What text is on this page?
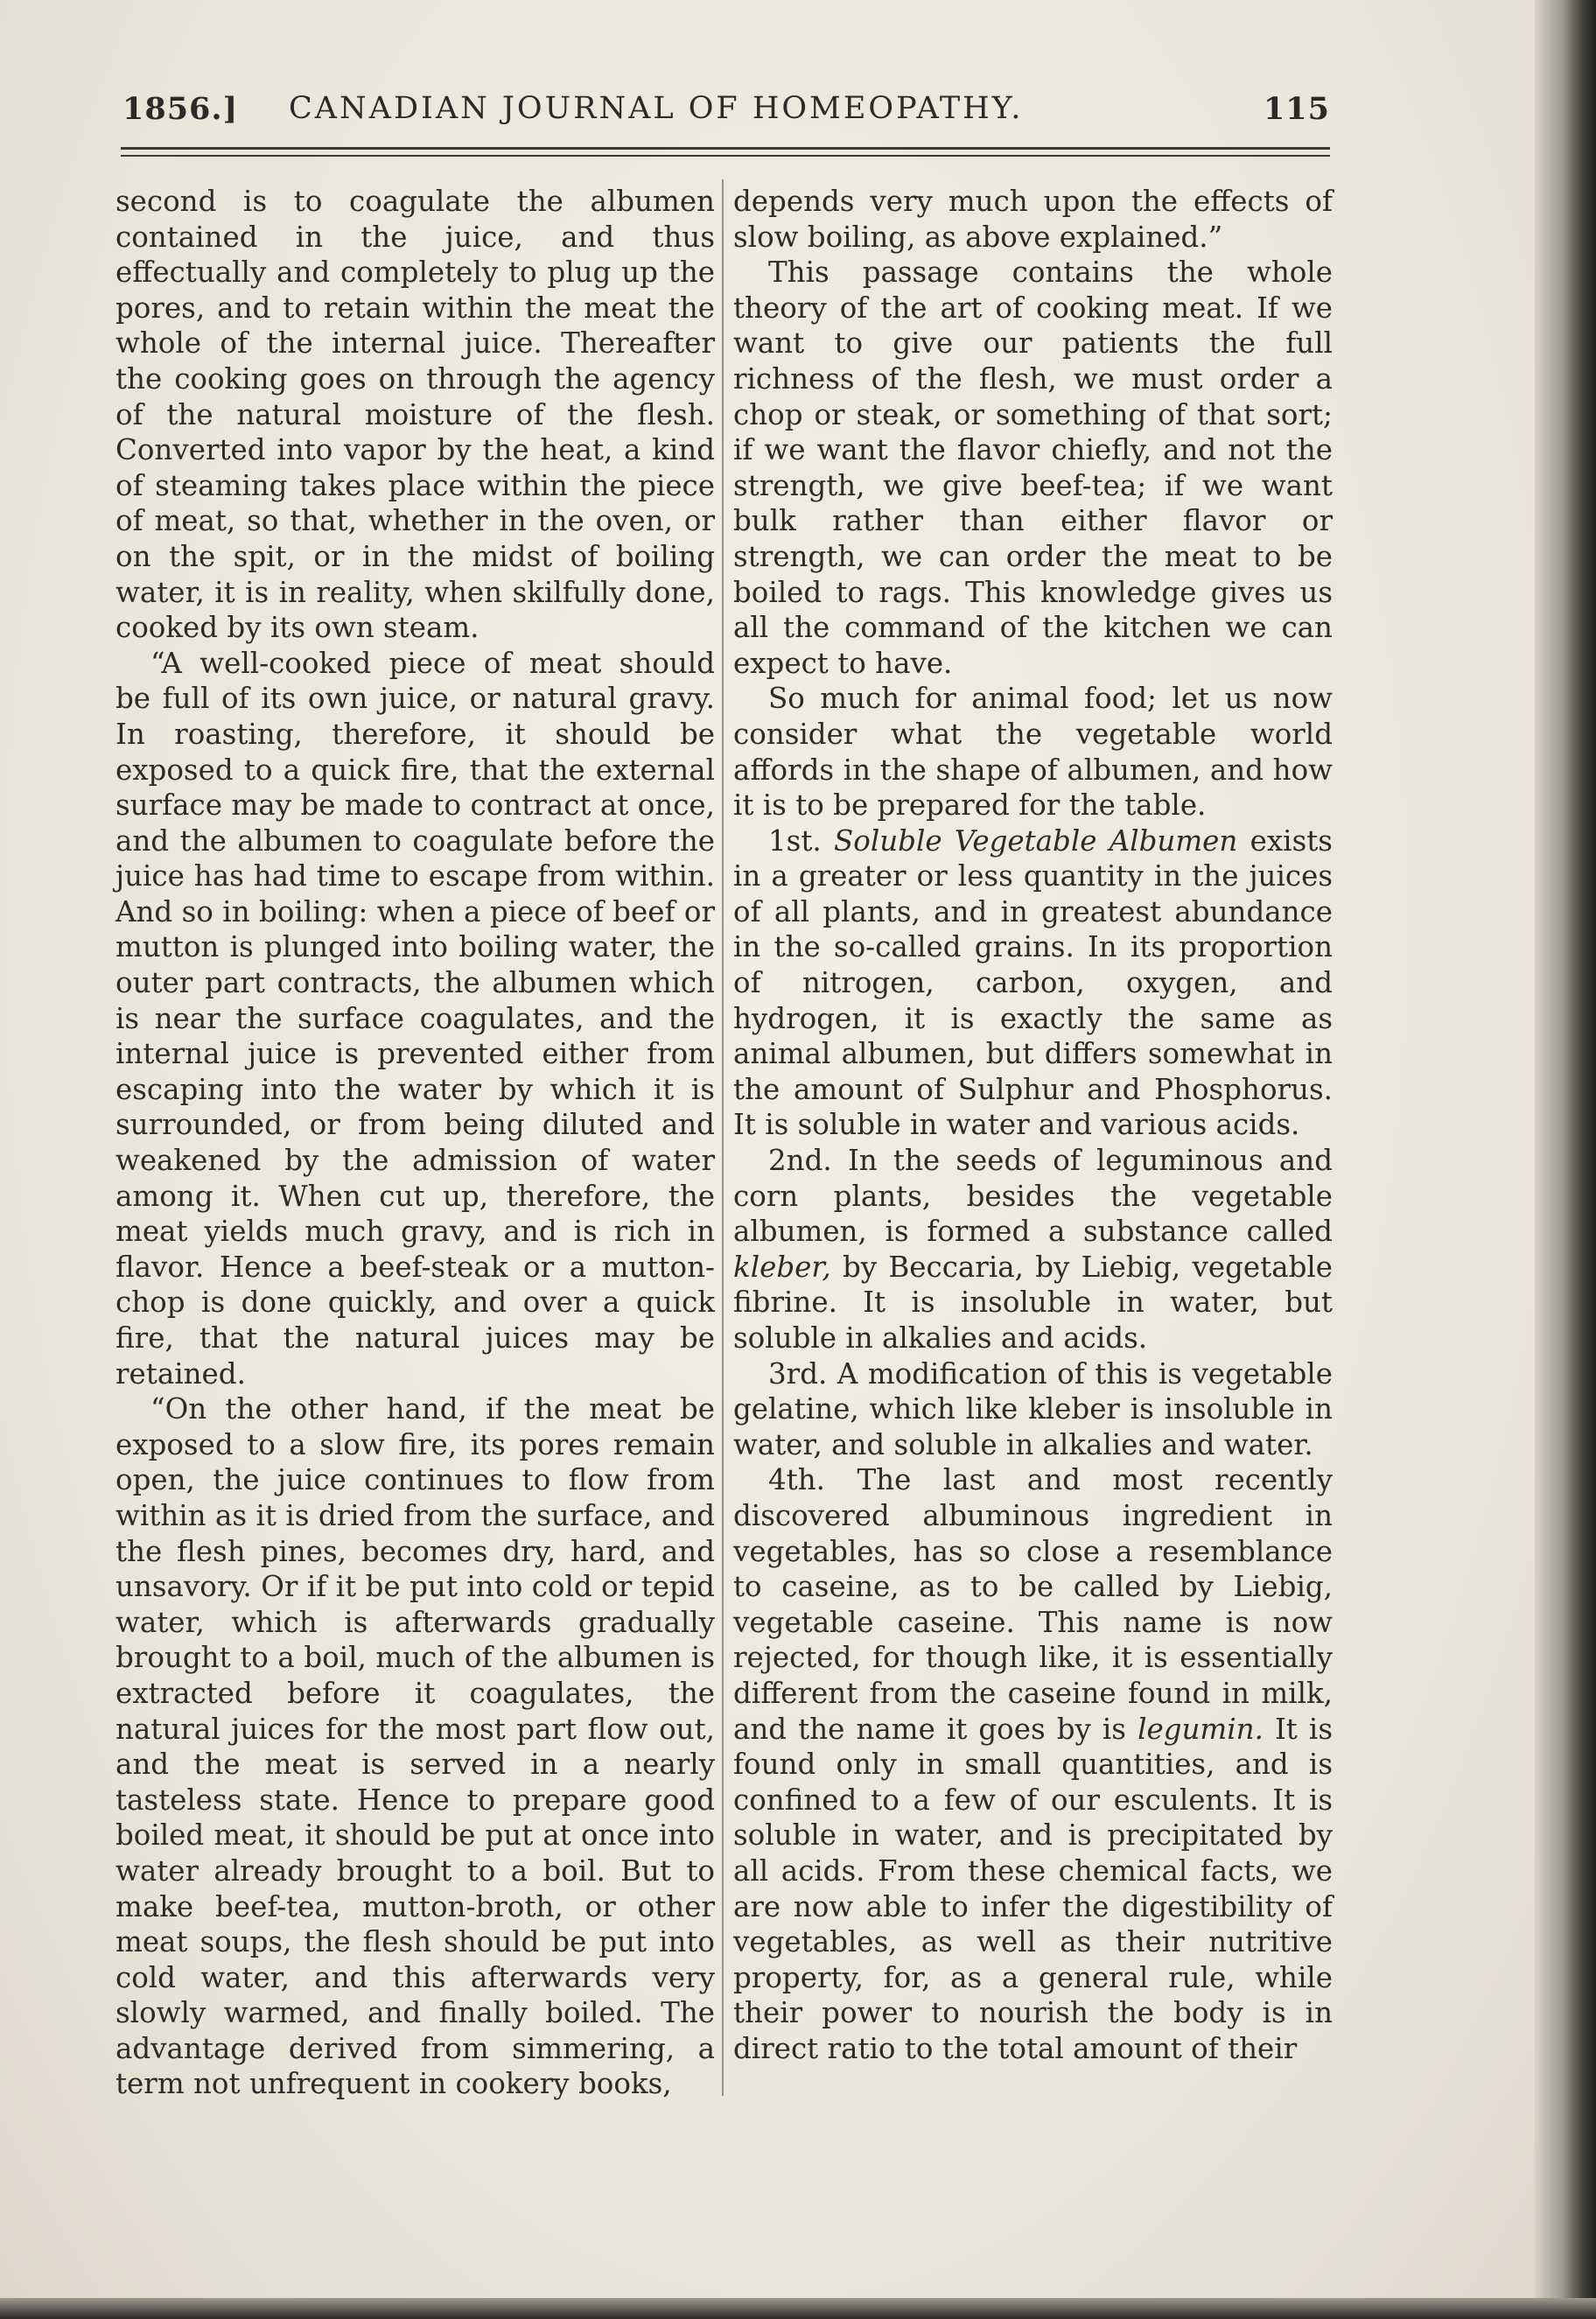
1856.] CANADIAN JOURNAL OF HOMEOPATHY.	115

second is to coagulate the albumen contained in the juice, and thus effectually and completely to plug up the pores, and to retain within the meat the whole of the internal juice. Thereafter the cooking goes on through the agency of the natural moisture of the flesh. Converted into vapor by the heat, a kind of steaming takes place within the piece of meat, so that, whether in the oven, or on the spit, or in the midst of boiling water, it is in reality, when skilfully done, cooked by its own steam.

“A well-cooked piece of meat should be full of its own juice, or natural gravy. In roasting, therefore, it should be exposed to a quick fire, that the external surface may be made to contract at once, and the albumen to coagulate before the juice has had time to escape from within. And so in boiling: when a piece of beef or mutton is plunged into boiling water, the outer part contracts, the albumen which is near the surface coagulates, and the internal juice is prevented either from escaping into the water by which it is surrounded, or from being diluted and weakened by the admission of water among it. When cut up, therefore, the meat yields much gravy, and is rich in flavor. Hence a beef-steak or a mutton-chop is done quickly, and over a quick fire, that the natural juices may be retained.

“On the other hand, if the meat be exposed to a slow fire, its pores remain open, the juice continues to flow from within as it is dried from the surface, and the flesh pines, becomes dry, hard, and unsavory. Or if it be put into cold or tepid water, which is afterwards gradually brought to a boil, much of the albumen is extracted before it coagulates, the natural juices for the most part flow out, and the meat is served in a nearly tasteless state. Hence to prepare good boiled meat, it should be put at once into water already brought to a boil. But to make beef-tea, mutton-broth, or other meat soups, the flesh should be put into cold water, and this afterwards very slowly warmed, and finally boiled. The advantage derived from simmering, a term not unfrequent in cookery books,

depends very much upon the effects of slow boiling, as above explained.”

This passage contains the whole theory of the art of cooking meat. If we want to give our patients the full richness of the flesh, we must order a chop or steak, or something of that sort; if we want the flavor chiefly, and not the strength, we give beef-tea; if we want bulk rather than either flavor or strength, we can order the meat to be boiled to rags. This knowledge gives us all the command of the kitchen we can expect to have.

So much for animal food; let us now consider what the vegetable world affords in the shape of albumen, and how it is to be prepared for the table.

1st. Soluble Vegetable Albumen exists in a greater or less quantity in the juices of all plants, and in greatest abundance in the so-called grains. In its proportion of nitrogen, carbon, oxygen, and hydrogen, it is exactly the same as animal albumen, but differs somewhat in the amount of Sulphur and Phosphorus. It is soluble in water and various acids.

2nd. In the seeds of leguminous and corn plants, besides the vegetable albumen, is formed a substance called kleber, by Beccaria, by Liebig, vegetable fibrine. It is insoluble in water, but soluble in alkalies and acids.

3rd. A modification of this is vegetable gelatine, which like kleber is insoluble in water, and soluble in alkalies and water.

4th. The last and most recently discovered albuminous ingredient in vegetables, has so close a resemblance to caseine, as to be called by Liebig, vegetable caseine. This name is now rejected, for though like, it is essentially different from the caseine found in milk, and the name it goes by is legumin. It is found only in small quantities, and is confined to a few of our esculents. It is soluble in water, and is precipitated by all acids. From these chemical facts, we are now able to infer the digestibility of vegetables, as well as their nutritive property, for, as a general rule, while their power to nourish the body is in direct ratio to the total amount of their
